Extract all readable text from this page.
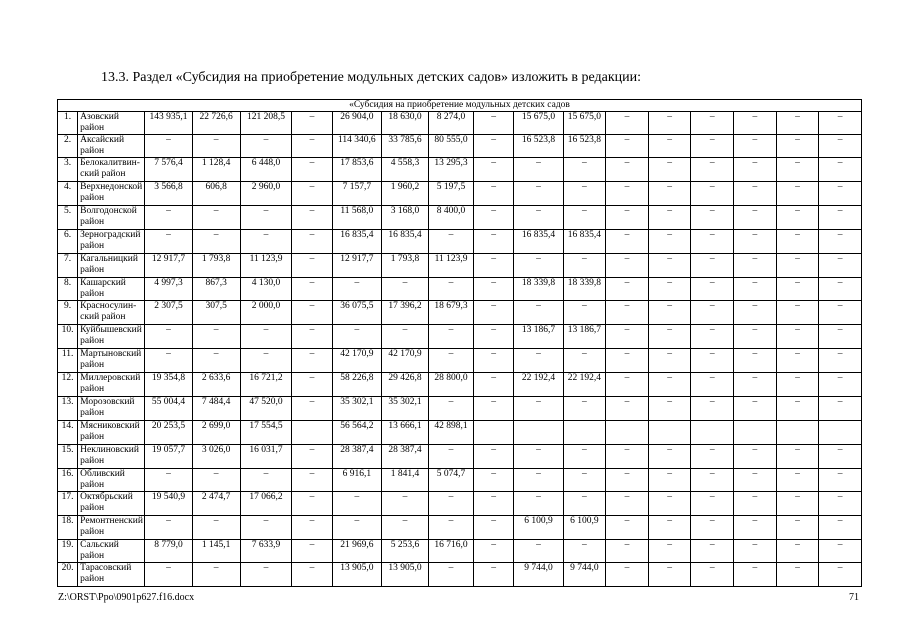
13.3. Раздел «Субсидия на приобретение модульных детских садов» изложить в редакции:
«Субсидия на приобретение модульных детских садов																	
1.	Азовский район	143 935,1	22 726,6	121 208,5	–	26 904,0	18 630,0	8 274,0	–	15 675,0	15 675,0	–	–	–	–	–	–
2.	Аксайский район	–	–	–	–	114 340,6	33 785,6	80 555,0	–	16 523,8	16 523,8	–	–	–	–	–	–
3.	Белокалитвин-ский район	7 576,4	1 128,4	6 448,0	–	17 853,6	4 558,3	13 295,3	–	–	–	–	–	–	–	–	–
4.	Верхнедонской район	3 566,8	606,8	2 960,0	–	7 157,7	1 960,2	5 197,5	–	–	–	–	–	–	–	–	–
5.	Волгодонской район	–	–	–	–	11 568,0	3 168,0	8 400,0	–	–	–	–	–	–	–	–	–
6.	Зерноградский район	–	–	–	–	16 835,4	16 835,4	–	–	16 835,4	16 835,4	–	–	–	–	–	–
7.	Кагальницкий район	12 917,7	1 793,8	11 123,9	–	12 917,7	1 793,8	11 123,9	–	–	–	–	–	–	–	–	–
8.	Кашарский район	4 997,3	867,3	4 130,0	–	–	–	–	–	18 339,8	18 339,8	–	–	–	–	–	–
9.	Красносулин-ский район	2 307,5	307,5	2 000,0	–	36 075,5	17 396,2	18 679,3	–	–	–	–	–	–	–	–	–
10.	Куйбышевский район	–	–	–	–	–	–	–	–	13 186,7	13 186,7	–	–	–	–	–	–
11.	Мартыновский район	–	–	–	–	42 170,9	42 170,9	–	–	–	–	–	–	–	–	–	–
12.	Миллеровский район	19 354,8	2 633,6	16 721,2	–	58 226,8	29 426,8	28 800,0	–	22 192,4	22 192,4	–	–	–	–	–	–
13.	Морозовский район	55 004,4	7 484,4	47 520,0	–	35 302,1	35 302,1	–	–	–	–	–	–	–	–	–	–
14.	Мясниковский район	20 253,5	2 699,0	17 554,5		56 564,2	13 666,1	42 898,1									
15.	Неклиновский район	19 057,7	3 026,0	16 031,7	–	28 387,4	28 387,4	–	–	–	–	–	–	–	–	–	–
16.	Обливский район	–	–	–	–	6 916,1	1 841,4	5 074,7	–	–	–	–	–	–	–	–	–
17.	Октябрьский район	19 540,9	2 474,7	17 066,2	–	–	–	–	–	–	–	–	–	–	–	–	–
18.	Ремонтненский район	–	–	–	–	–	–	–	–	6 100,9	6 100,9	–	–	–	–	–	–
19.	Сальский район	8 779,0	1 145,1	7 633,9	–	21 969,6	5 253,6	16 716,0	–	–	–	–	–	–	–	–	–
20.	Тарасовский район	–	–	–	–	13 905,0	13 905,0	–	–	9 744,0	9 744,0	–	–	–	–	–	–
Z:\ORST\Ppo\0901p627.f16.docx	71
